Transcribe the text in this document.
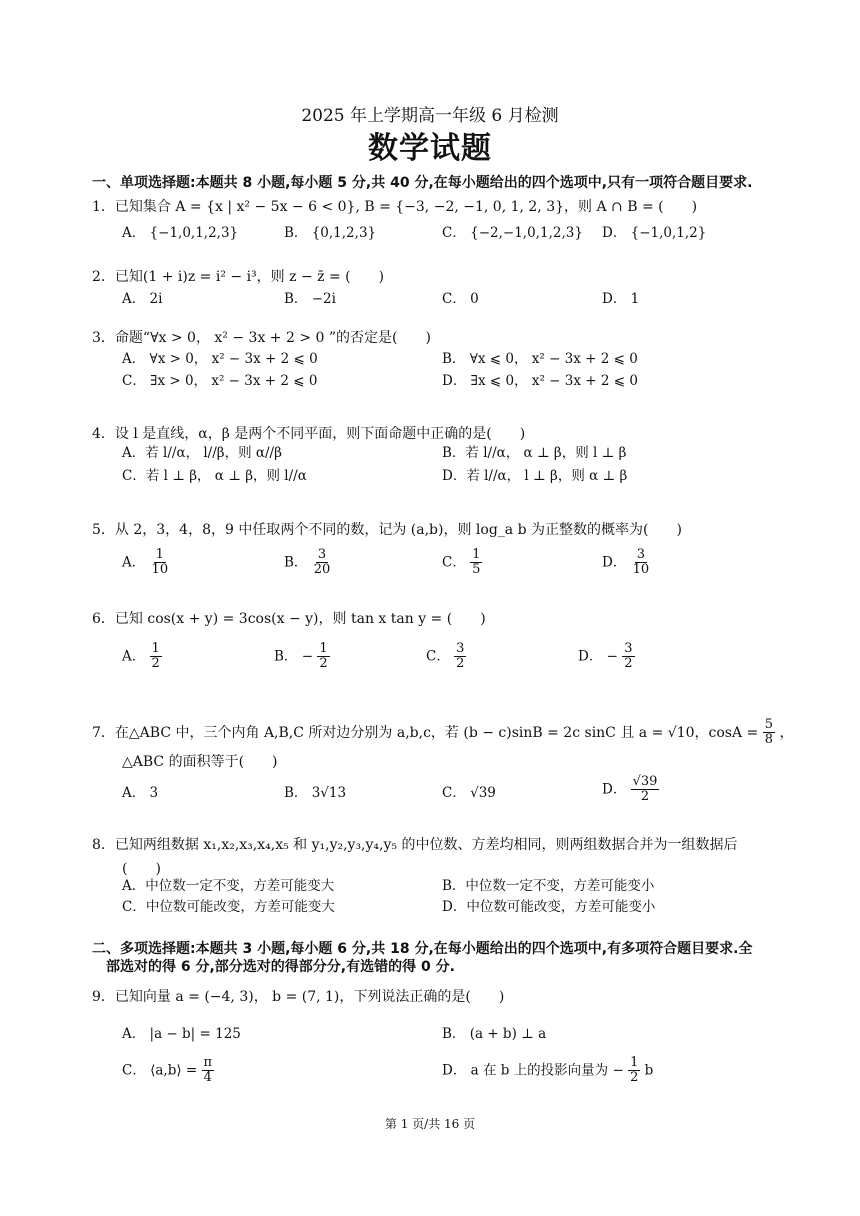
2025 年上学期高一年级 6 月检测
数学试题
一、单项选择题:本题共 8 小题,每小题 5 分,共 40 分,在每小题给出的四个选项中,只有一项符合题目要求.
1．已知集合 A = {x | x² − 5x − 6 < 0}, B = {−3, −2, −1, 0, 1, 2, 3}，则 A ∩ B = (　　)
A． {−1,0,1,2,3}	B． {0,1,2,3}	C． {−2,−1,0,1,2,3} D． {−1,0,1,2}
2．已知(1 + i)z = i² − i³，则 z − z̄ = (　　)
A． 2i	B． −2i	C． 0	D． 1
3．命题“∀x > 0， x² − 3x + 2 > 0 ”的否定是(　　)
A． ∀x > 0， x² − 3x + 2 ⩽ 0	B． ∀x ⩽ 0， x² − 3x + 2 ⩽ 0
C． ∃x > 0， x² − 3x + 2 ⩽ 0	D． ∃x ⩽ 0， x² − 3x + 2 ⩽ 0
4．设 l 是直线，α，β 是两个不同平面，则下面命题中正确的是(　　)
A．若 l//α， l//β，则 α//β	B．若 l//α， α ⊥ β，则 l ⊥ β
C．若 l ⊥ β， α ⊥ β，则 l//α	D．若 l//α， l ⊥ β，则 α ⊥ β
5．从 2，3，4，8，9 中任取两个不同的数，记为 (a,b)，则 log_a b 为正整数的概率为(　　)
A． $\frac{1}{10}$	B． $\frac{3}{20}$	C． $\frac{1}{5}$	D． $\frac{3}{10}$
6．已知 cos(x + y) = 3cos(x − y)，则 tan x tan y = (　　)
A． $\frac{1}{2}$	B． − $\frac{1}{2}$	C． $\frac{3}{2}$	D． − $\frac{3}{2}$
7．在△ABC 中，三个内角 A,B,C 所对边分别为 a,b,c，若 (b − c)sinB = 2c sinC 且 a = √10，$\cos A = \frac{5}{8}$ ，
△ABC 的面积等于(　　)
A． 3	B． 3√13	C． √39	D． $\frac{√39}{2}$
8．已知两组数据 x₁,x₂,x₃,x₄,x₅ 和 y₁,y₂,y₃,y₄,y₅ 的中位数、方差均相同，则两组数据合并为一组数据后
(　　)
A．中位数一定不变，方差可能变大	B．中位数一定不变，方差可能变小
C．中位数可能改变，方差可能变大	D．中位数可能改变，方差可能变小
二、多项选择题:本题共 3 小题,每小题 6 分,共 18 分,在每小题给出的四个选项中,有多项符合题目要求.全
部选对的得 6 分,部分选对的得部分分,有选错的得 0 分.
9．已知向量 a = (−4, 3)， b = (7, 1)，下列说法正确的是(　　)
A． |a − b| = 125	B． (a + b) ⊥ a
C． ⟨a,b⟩ = $\frac{\pi}{4}$	D． a 在 b 上的投影向量为 − $\frac{1}{2}$ b
第 1 页/共 16 页
